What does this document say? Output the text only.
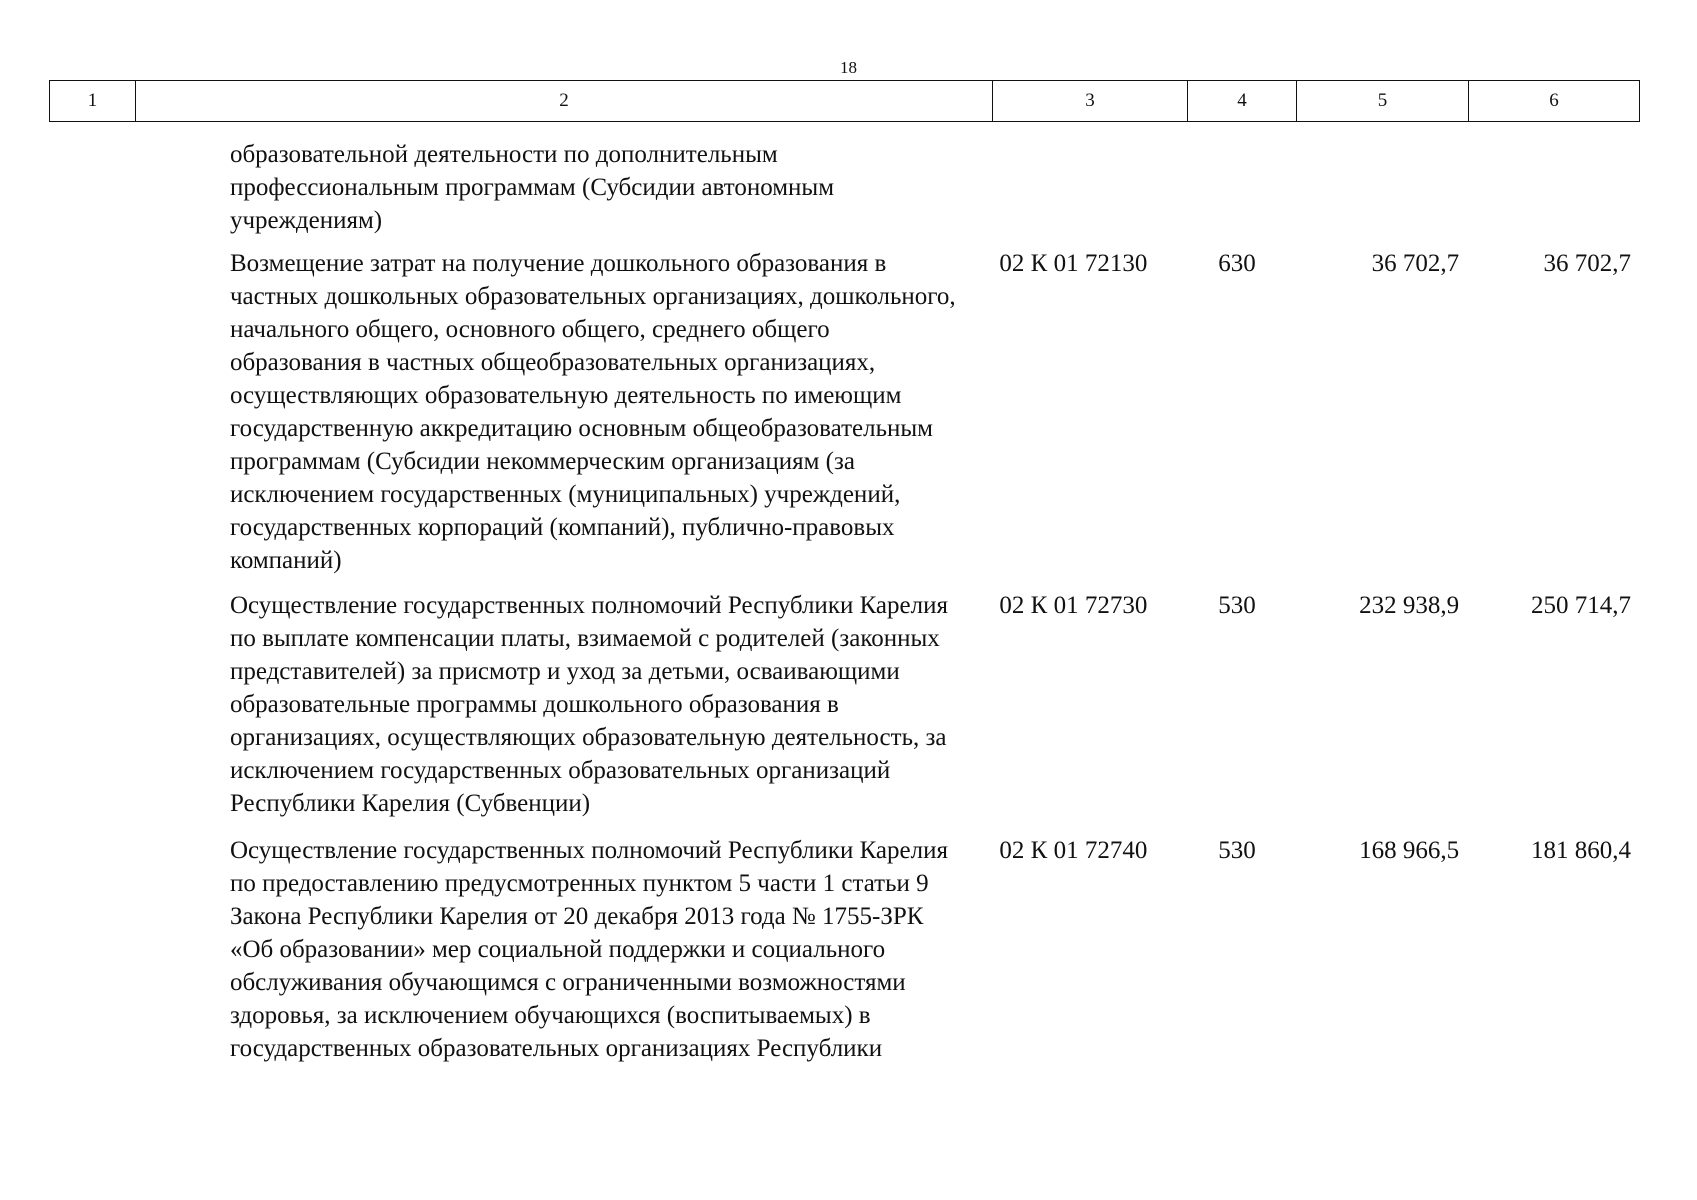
18
1	2	3	4	5	6
образовательной деятельности по дополнительным
профессиональным программам (Субсидии автономным
учреждениям)
Возмещение затрат на получение дошкольного образования в
частных дошкольных образовательных организациях, дошкольного,
начального общего, основного общего, среднего общего
образования в частных общеобразовательных организациях,
осуществляющих образовательную деятельность по имеющим
государственную аккредитацию основным общеобразовательным
программам (Субсидии некоммерческим организациям (за
исключением государственных (муниципальных) учреждений,
государственных корпораций (компаний), публично-правовых
компаний)
02 К 01 72130	630	36 702,7	36 702,7
Осуществление государственных полномочий Республики Карелия
по выплате компенсации платы, взимаемой с родителей (законных
представителей) за присмотр и уход за детьми, осваивающими
образовательные программы дошкольного образования в
организациях, осуществляющих образовательную деятельность, за
исключением государственных образовательных организаций
Республики Карелия (Субвенции)
02 К 01 72730	530	232 938,9	250 714,7
Осуществление государственных полномочий Республики Карелия
по предоставлению предусмотренных пунктом 5 части 1 статьи 9
Закона Республики Карелия от 20 декабря 2013 года № 1755-ЗРК
«Об образовании» мер социальной поддержки и социального
обслуживания обучающимся с ограниченными возможностями
здоровья, за исключением обучающихся (воспитываемых) в
государственных образовательных организациях Республики
02 К 01 72740	530	168 966,5	181 860,4
